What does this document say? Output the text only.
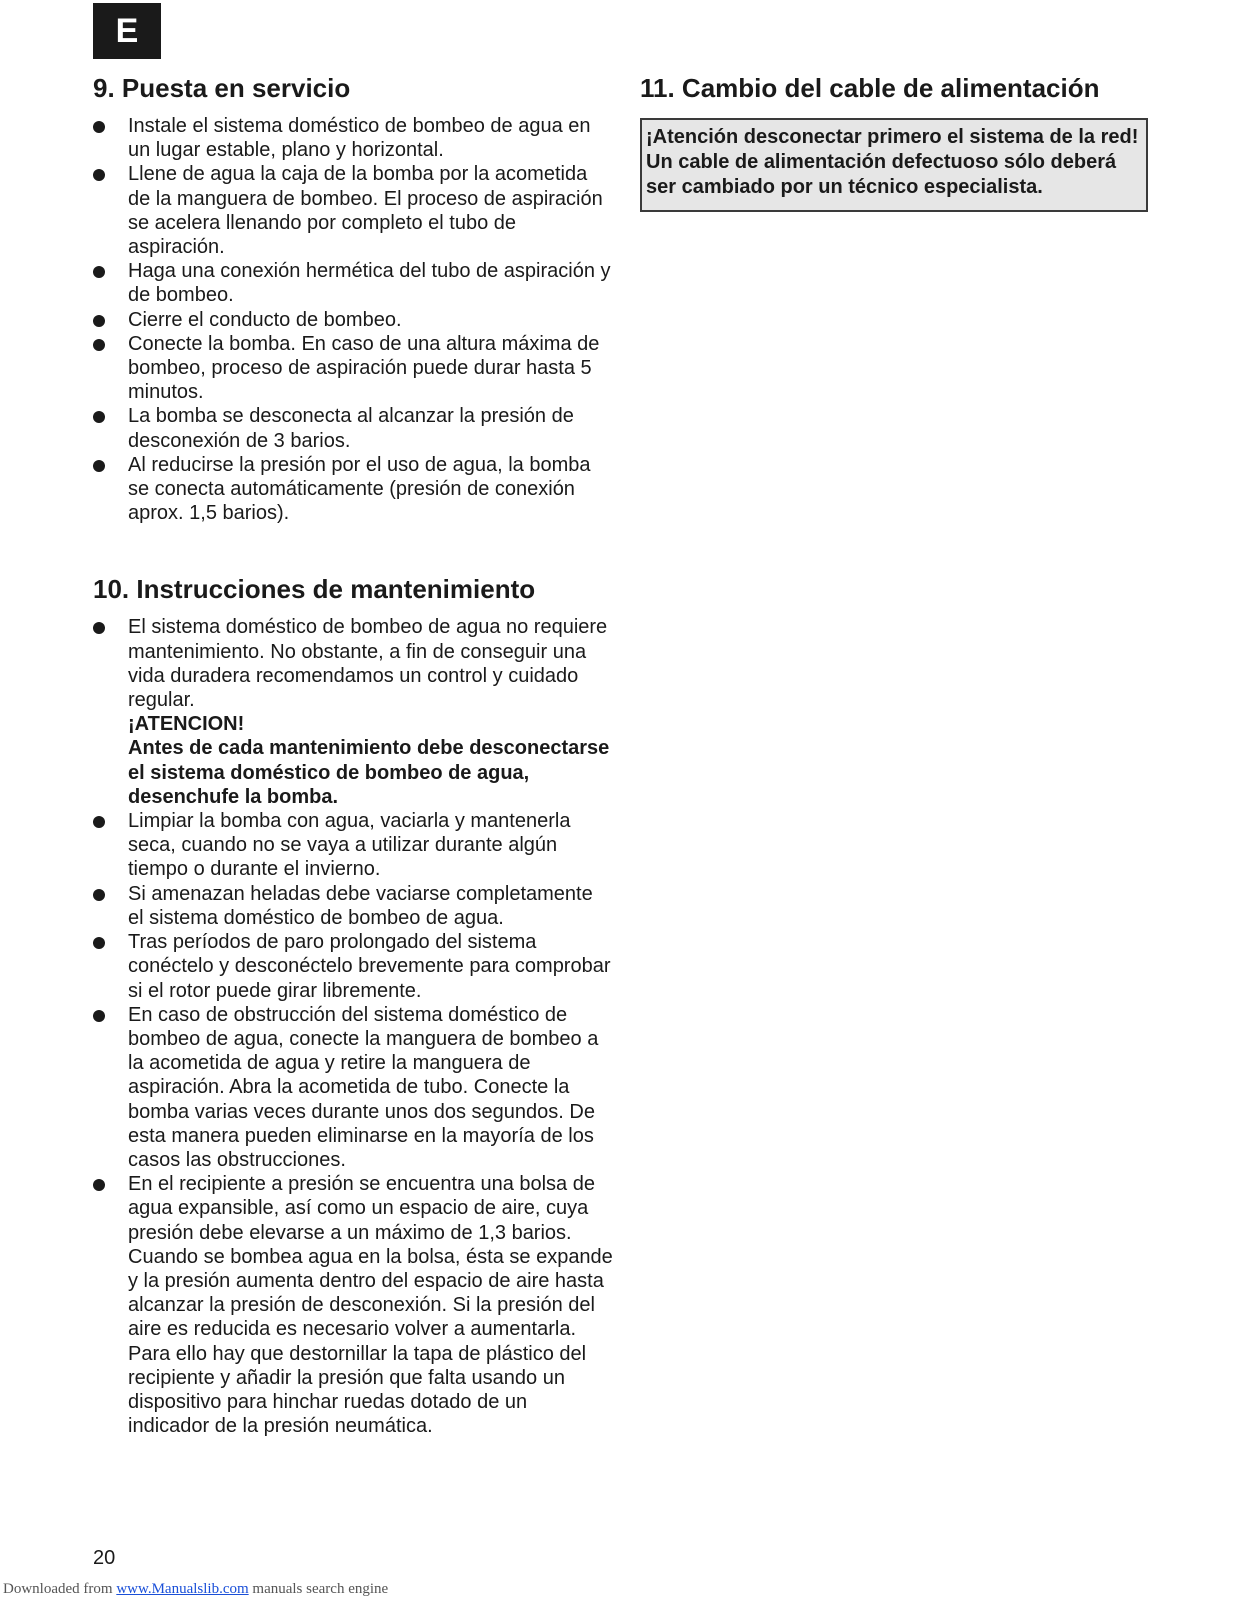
E
9. Puesta en servicio
Instale el sistema doméstico de bombeo de agua en un lugar estable, plano y horizontal.
Llene de agua la caja de la bomba por la acometida de la manguera de bombeo. El proceso de aspiración se acelera llenando por completo el tubo de aspiración.
Haga una conexión hermética del tubo de aspiración y de bombeo.
Cierre el conducto de bombeo.
Conecte la bomba. En caso de una altura máxima de bombeo, proceso de aspiración puede durar hasta 5 minutos.
La bomba se desconecta al alcanzar la presión de desconexión de 3 barios.
Al reducirse la presión por el uso de agua, la bomba se conecta automáticamente (presión de conexión aprox. 1,5 barios).
10. Instrucciones de mantenimiento
El sistema doméstico de bombeo de agua no requiere mantenimiento. No obstante, a fin de conseguir una vida duradera recomendamos un control y cuidado regular.
¡ATENCION!
Antes de cada mantenimiento debe desconectarse el sistema doméstico de bombeo de agua, desenchufe la bomba.
Limpiar la bomba con agua, vaciarla y mantenerla seca, cuando no se vaya a utilizar durante algún tiempo o durante el invierno.
Si amenazan heladas debe vaciarse completamente el sistema doméstico de bombeo de agua.
Tras períodos de paro prolongado del sistema conéctelo y desconéctelo brevemente para comprobar si el rotor puede girar libremente.
En caso de obstrucción del sistema doméstico de bombeo de agua, conecte la manguera de bombeo a la acometida de agua y retire la manguera de aspiración. Abra la acometida de tubo. Conecte la bomba varias veces durante unos dos segundos. De esta manera pueden eliminarse en la mayoría de los casos las obstrucciones.
En el recipiente a presión se encuentra una bolsa de agua expansible, así como un espacio de aire, cuya presión debe elevarse a un máximo de 1,3 barios. Cuando se bombea agua en la bolsa, ésta se expande y la presión aumenta dentro del espacio de aire hasta alcanzar la presión de desconexión. Si la presión del aire es reducida es necesario volver a aumentarla. Para ello hay que destornillar la tapa de plástico del recipiente y añadir la presión que falta usando un dispositivo para hinchar ruedas dotado de un indicador de la presión neumática.
11. Cambio del cable de alimentación
¡Atención desconectar primero el sistema de la red!
Un cable de alimentación defectuoso sólo deberá ser cambiado por un técnico especialista.
20
Downloaded from www.Manualslib.com manuals search engine
